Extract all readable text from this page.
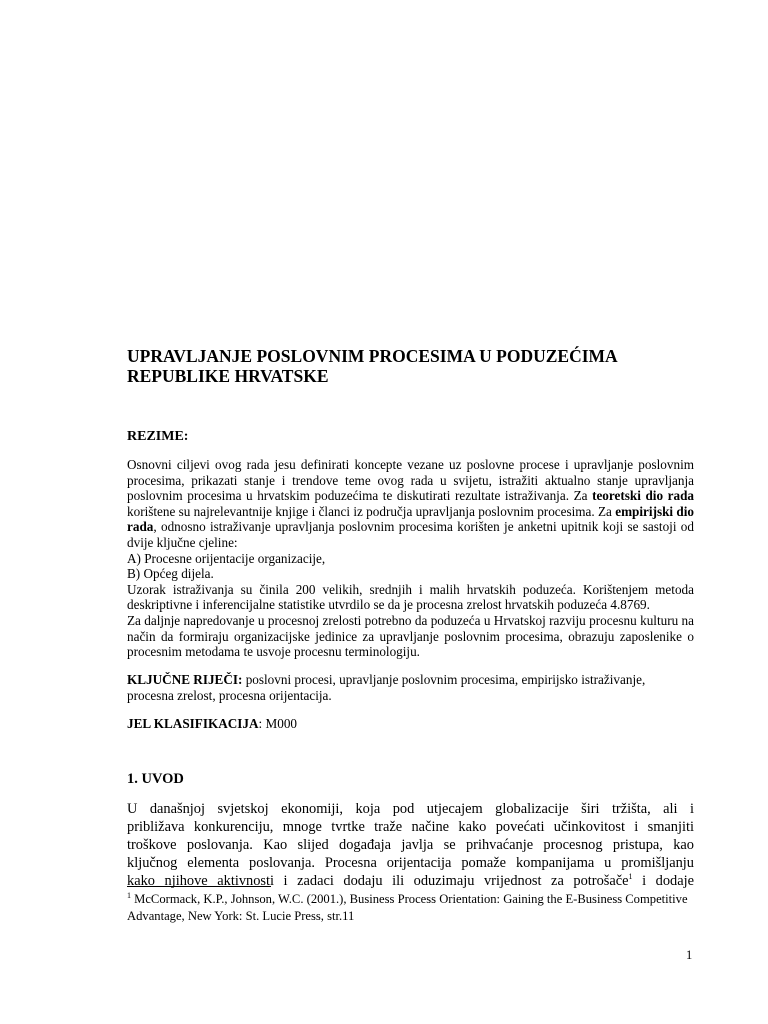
UPRAVLJANJE POSLOVNIM PROCESIMA U PODUZEĆIMA REPUBLIKE HRVATSKE
REZIME:

Osnovni ciljevi ovog rada jesu definirati koncepte vezane uz poslovne procese i upravljanje poslovnim procesima, prikazati stanje i trendove teme ovog rada u svijetu, istražiti aktualno stanje upravljanja poslovnim procesima u hrvatskim poduzećima te diskutirati rezultate istraživanja. Za teoretski dio rada korištene su najrelevantnije knjige i članci iz područja upravljanja poslovnim procesima. Za empirijski dio rada, odnosno istraživanje upravljanja poslovnim procesima korišten je anketni upitnik koji se sastoji od dvije ključne cjeline:

A) Procesne orijentacije organizacije,

B) Općeg dijela.

Uzorak istraživanja su činila 200 velikih, srednjih i malih hrvatskih poduzeća. Korištenjem metoda deskriptivne i inferencijalne statistike utvrdilo se da je procesna zrelost hrvatskih poduzeća 4.8769.

Za daljnje napredovanje u procesnoj zrelosti potrebno da poduzeća u Hrvatskoj razviju procesnu kulturu na način da formiraju organizacijske jedinice za upravljanje poslovnim procesima, obrazuju zaposlenike o procesnim metodama te usvoje procesnu terminologiju.

KLJUČNE RIJEČI: poslovni procesi, upravljanje poslovnim procesima, empirijsko istraživanje, procesna zrelost, procesna orijentacija.

JEL KLASIFIKACIJA: M000

1. UVOD
U današnjoj svjetskoj ekonomiji, koja pod utjecajem globalizacije širi tržišta, ali i
približava konkurenciju, mnoge tvrtke traže načine kako povećati učinkovitost i smanjiti
troškove poslovanja. Kao slijed događaja javlja se prihvaćanje procesnog pristupa, kao
ključnog elementa poslovanja. Procesna orijentacija pomaže kompanijama u promišljanju
kako njihove aktivnosti i zadaci dodaju ili oduzimaju vrijednost za potrošače$^1$ i dodaje

$^1$ McCormack, K.P., Johnson, W.C. (2001.), Business Process Orientation: Gaining the E-Business Competitive Advantage, New York: St. Lucie Press, str.11

1
